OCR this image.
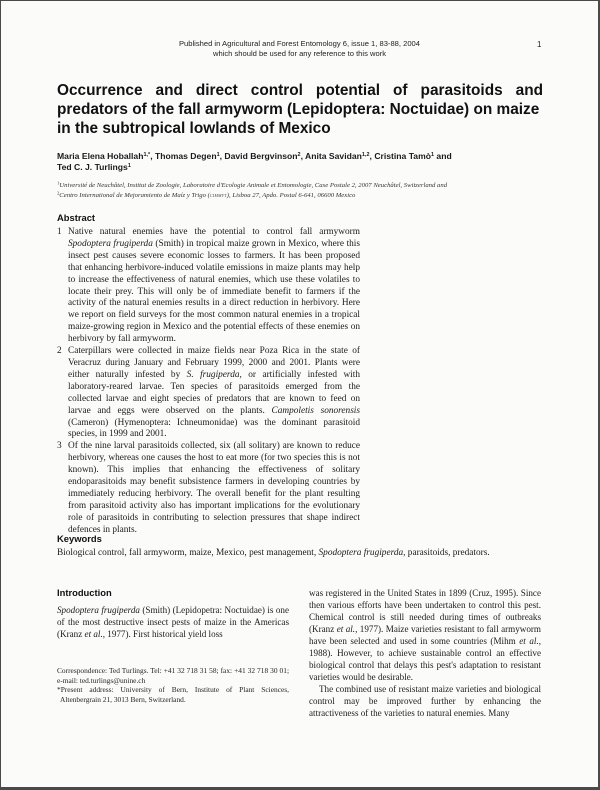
Published in Agricultural and Forest Entomology 6, issue 1, 83-88, 2004
which should be used for any reference to this work
1
Occurrence and direct control potential of parasitoids and
predators of the fall armyworm (Lepidoptera: Noctuidae) on maize
in the subtropical lowlands of Mexico
Maria Elena Hoballah$^{1,*}$, Thomas Degen$^1$, David Bergvinson$^2$, Anita Savidan$^{1,2}$, Cristina Tamò$^1$ and
Ted C. J. Turlings$^1$
$^1$Université de Neuchâtel, Institut de Zoologie, Laboratoire d'Ecologie Animale et Entomologie, Case Postale 2, 2007 Neuchâtel, Switzerland and
$^2$Centro International de Mejoramiento de Maíz y Trigo (cimmyt), Lisboa 27, Apdo. Postal 6-641, 06600 Mexico
Abstract
1 Native natural enemies have the potential to control fall armyworm Spodoptera frugiperda (Smith) in tropical maize grown in Mexico, where this insect pest causes severe economic losses to farmers. It has been proposed that enhancing herbivore-induced volatile emissions in maize plants may help to increase the effectiveness of natural enemies, which use these volatiles to locate their prey. This will only be of immediate benefit to farmers if the activity of the natural enemies results in a direct reduction in herbivory. Here we report on field surveys for the most common natural enemies in a tropical maize-growing region in Mexico and the potential effects of these enemies on herbivory by fall armyworm.
2 Caterpillars were collected in maize fields near Poza Rica in the state of Veracruz during January and February 1999, 2000 and 2001. Plants were either naturally infested by S. frugiperda, or artificially infested with laboratory-reared larvae. Ten species of parasitoids emerged from the collected larvae and eight species of predators that are known to feed on larvae and eggs were observed on the plants. Campoletis sonorensis (Cameron) (Hymenoptera: Ichneumonidae) was the dominant parasitoid species, in 1999 and 2001.
3 Of the nine larval parasitoids collected, six (all solitary) are known to reduce herbivory, whereas one causes the host to eat more (for two species this is not known). This implies that enhancing the effectiveness of solitary endoparasitoids may benefit subsistence farmers in developing countries by immediately reducing herbivory. The overall benefit for the plant resulting from parasitoid activity also has important implications for the evolutionary role of parasitoids in contributing to selection pressures that shape indirect defences in plants.
Keywords
Biological control, fall armyworm, maize, Mexico, pest management, Spodoptera frugiperda, parasitoids, predators.
Introduction
Spodoptera frugiperda (Smith) (Lepidopetra: Noctuidae) is one of the most destructive insect pests of maize in the Americas (Kranz et al., 1977). First historical yield loss
Correspondence: Ted Turlings. Tel: +41 32 718 31 58; fax: +41 32 718 30 01; e-mail: ted.turlings@unine.ch
*Present address: University of Bern, Institute of Plant Sciences, Altenbergrain 21, 3013 Bern, Switzerland.
was registered in the United States in 1899 (Cruz, 1995). Since then various efforts have been undertaken to control this pest. Chemical control is still needed during times of outbreaks (Kranz et al., 1977). Maize varieties resistant to fall armyworm have been selected and used in some countries (Mihm et al., 1988). However, to achieve sustainable control an effective biological control that delays this pest's adaptation to resistant varieties would be desirable.
The combined use of resistant maize varieties and biological control may be improved further by enhancing the attractiveness of the varieties to natural enemies. Many
